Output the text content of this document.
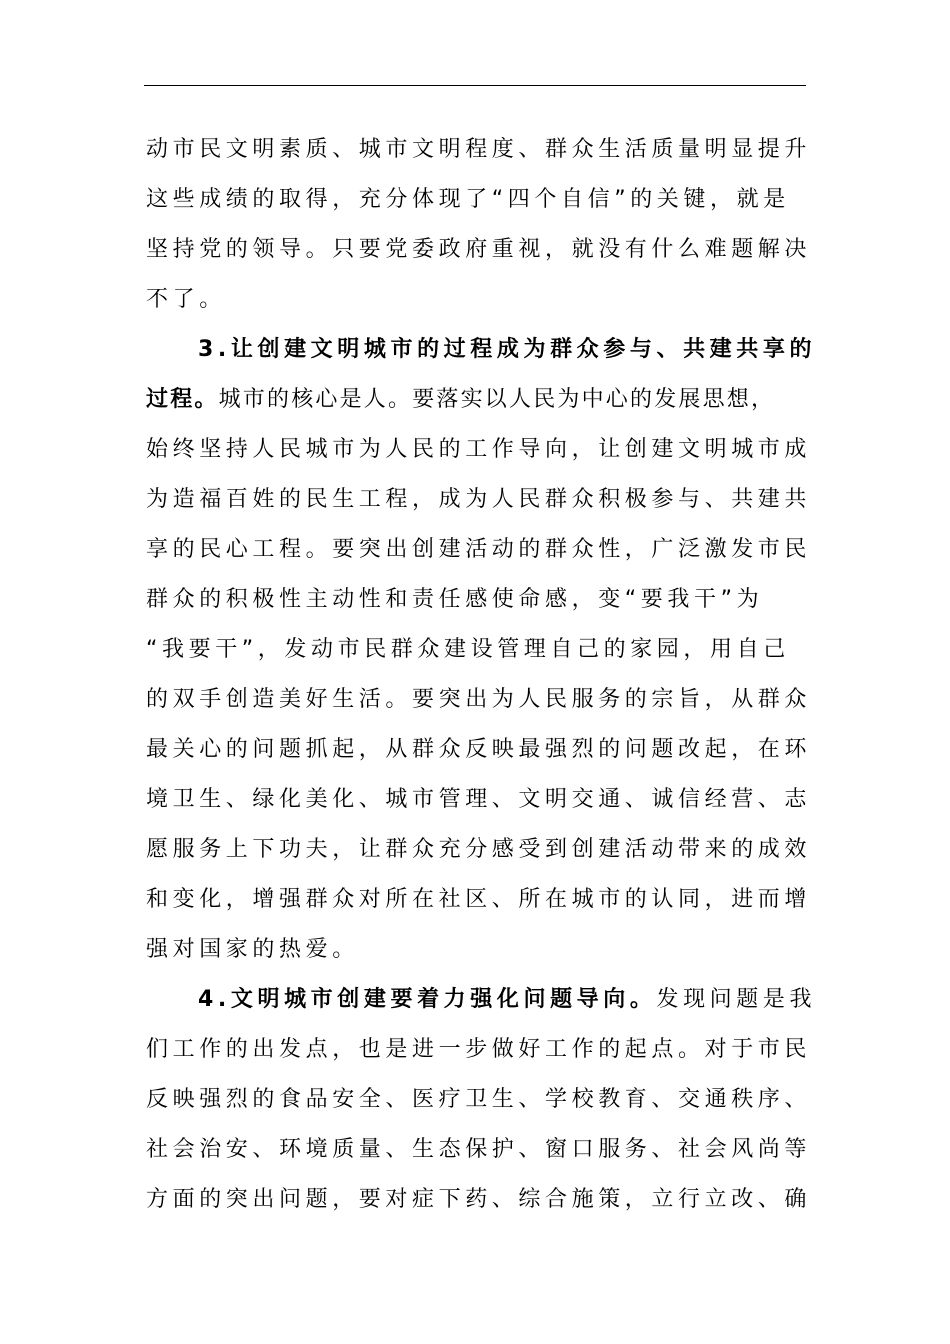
动市民文明素质、城市文明程度、群众生活质量明显提升
这些成绩的取得，充分体现了“四个自信”的关键，就是
坚持党的领导。只要党委政府重视，就没有什么难题解决
不了。
3.让创建文明城市的过程成为群众参与、共建共享的
过程。城市的核心是人。要落实以人民为中心的发展思想，
始终坚持人民城市为人民的工作导向，让创建文明城市成
为造福百姓的民生工程，成为人民群众积极参与、共建共
享的民心工程。要突出创建活动的群众性，广泛激发市民
群众的积极性主动性和责任感使命感，变“要我干”为
“我要干”，发动市民群众建设管理自己的家园，用自己
的双手创造美好生活。要突出为人民服务的宗旨，从群众
最关心的问题抓起，从群众反映最强烈的问题改起，在环
境卫生、绿化美化、城市管理、文明交通、诚信经营、志
愿服务上下功夫，让群众充分感受到创建活动带来的成效
和变化，增强群众对所在社区、所在城市的认同，进而增
强对国家的热爱。
4.文明城市创建要着力强化问题导向。发现问题是我
们工作的出发点，也是进一步做好工作的起点。对于市民
反映强烈的食品安全、医疗卫生、学校教育、交通秩序、
社会治安、环境质量、生态保护、窗口服务、社会风尚等
方面的突出问题，要对症下药、综合施策，立行立改、确
